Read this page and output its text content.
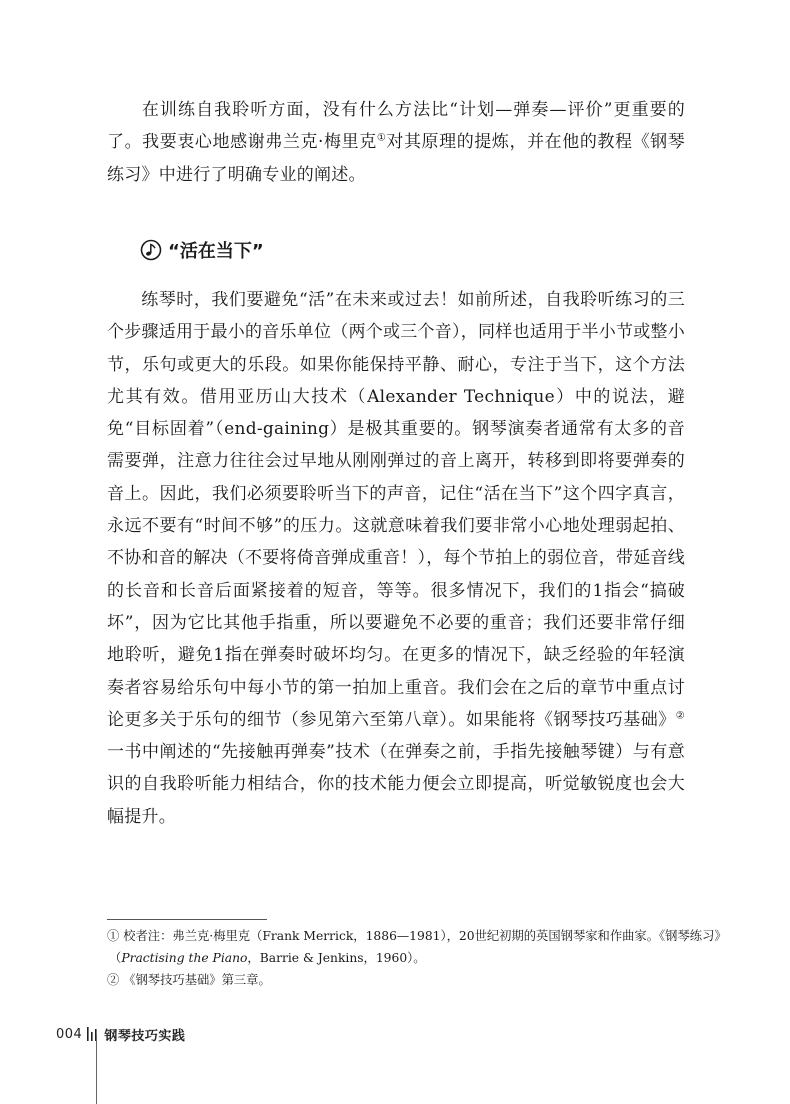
在训练自我聆听方面，没有什么方法比“计划—弹奏—评价”更重要的了。我要衷心地感谢弗兰克·梅里克①对其原理的提炼，并在他的教程《钢琴练习》中进行了明确专业的阐述。

“活在当下”

练琴时，我们要避免“活”在未来或过去！如前所述，自我聆听练习的三个步骤适用于最小的音乐单位（两个或三个音），同样也适用于半小节或整小节，乐句或更大的乐段。如果你能保持平静、耐心，专注于当下，这个方法尤其有效。借用亚历山大技术（Alexander Technique）中的说法，避免“目标固着”（end-gaining）是极其重要的。钢琴演奏者通常有太多的音需要弹，注意力往往会过早地从刚刚弹过的音上离开，转移到即将要弹奏的音上。因此，我们必须要聆听当下的声音，记住“活在当下”这个四字真言，永远不要有“时间不够”的压力。这就意味着我们要非常小心地处理弱起拍、不协和音的解决（不要将倚音弹成重音！），每个节拍上的弱位音，带延音线的长音和长音后面紧接着的短音，等等。很多情况下，我们的1指会“搞破坏”，因为它比其他手指重，所以要避免不必要的重音；我们还要非常仔细地聆听，避免1指在弹奏时破坏均匀。在更多的情况下，缺乏经验的年轻演奏者容易给乐句中每小节的第一拍加上重音。我们会在之后的章节中重点讨论更多关于乐句的细节（参见第六至第八章）。如果能将《钢琴技巧基础》②一书中阐述的“先接触再弹奏”技术（在弹奏之前，手指先接触琴键）与有意识的自我聆听能力相结合，你的技术能力便会立即提高，听觉敏锐度也会大幅提升。

① 校者注：弗兰克·梅里克（Frank Merrick，1886—1981），20世纪初期的英国钢琴家和作曲家。《钢琴练习》
（Practising the Piano，Barrie & Jenkins，1960）。
② 《钢琴技巧基础》第三章。
004 钢琴技巧实践
